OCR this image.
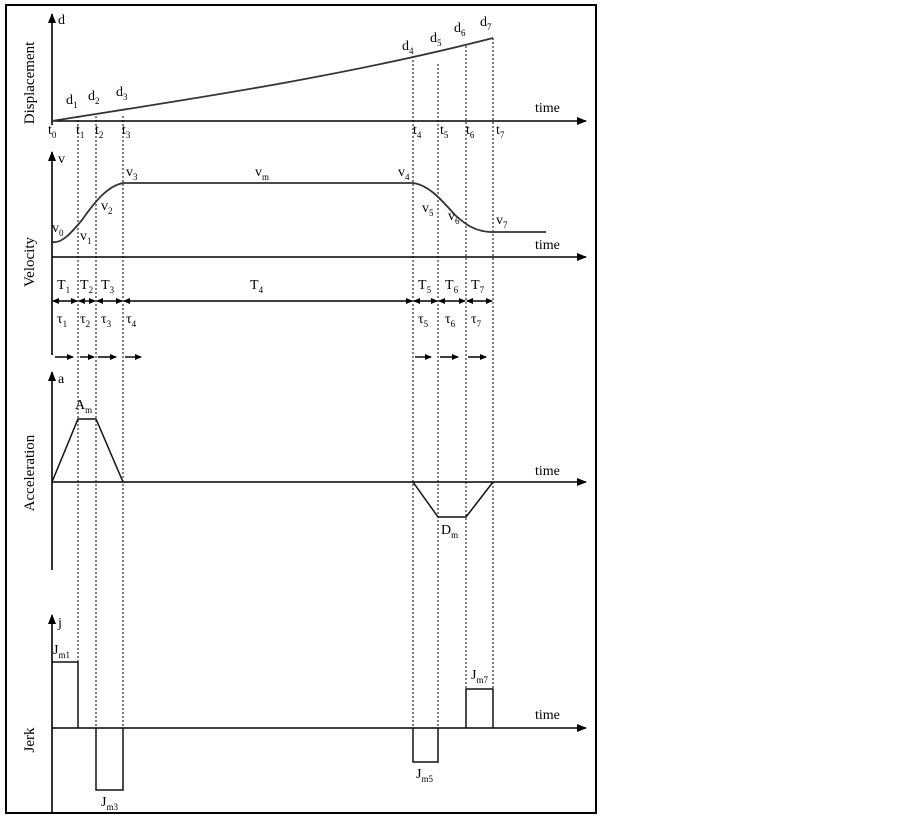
d
time
Displacement
v
time
Velocity
a
time
Acceleration
j
time
Jerk
$t_0$ $t_1$ $t_2$ $t_3$	$t_4$ $t_5$ $t_6$ $t_7$
$d_1$
$d_2$
$d_3$
$d_4$
$d_5$
$d_6$
$d_7$
$v_0$ $v_1$
$v_2$
$v_3$	$v_m$	$v_4$
$v_5$ $v_6$	$v_7$
$T_1$ $T_2$ $T_3$	$T_4$	$T_5$ $T_6$ $T_7$
$\tau_1$ $\tau_2$ $\tau_3$ $\tau_4$	$\tau_5$ $\tau_6$ $\tau_7$
$A_m$
$D_m$
$J_{m1}$
$J_{m3}$
$J_{m5}$
$J_{m7}$
